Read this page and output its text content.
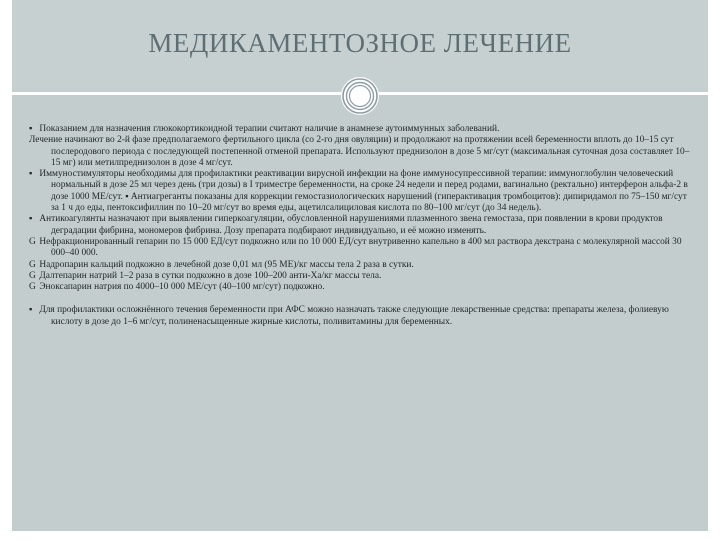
МЕДИКАМЕНТОЗНОЕ ЛЕЧЕНИЕ

▪ Показанием для назначения глюкокортикоидной терапии считают наличие в анамнезе аутоиммунных заболеваний.

Лечение начинают во 2-й фазе предполагаемого фертильного цикла (со 2-го дня овуляции) и продолжают на протяжении всей беременности вплоть до 10–15 сут послеродового периода с последующей постепенной отменой препарата. Используют преднизолон в дозе 5 мг/сут (максимальная суточная доза составляет 10–15 мг) или метилпреднизолон в дозе 4 мг/сут.

▪ Иммуностимуляторы необходимы для профилактики реактивации вирусной инфекции на фоне иммуносупрессивной терапии: иммуноглобулин человеческий нормальный в дозе 25 мл через день (три дозы) в I триместре беременности, на сроке 24 недели и перед родами, вагинально (ректально) интерферон альфа-2 в дозе 1000 МЕ/сут. ▪ Антиагреганты показаны для коррекции гемостазиологических нарушений (гиперактивация тромбоцитов): дипиридамол по 75–150 мг/сут за 1 ч до еды, пентоксифиллин по 10–20 мг/сут во время еды, ацетилсалициловая кислота по 80–100 мг/сут (до 34 недель).

▪ Антикоагулянты назначают при выявлении гиперкоагуляции, обусловленной нарушениями плазменного звена гемостаза, при появлении в крови продуктов деградации фибрина, мономеров фибрина. Дозу препарата подбирают индивидуально, и её можно изменять.

G Нефракционированный гепарин по 15 000 ЕД/сут подкожно или по 10 000 ЕД/сут внутривенно капельно в 400 мл раствора декстрана с молекулярной массой 30 000–40 000.

G Надропарин кальций подкожно в лечебной дозе 0,01 мл (95 МЕ)/кг массы тела 2 раза в сутки.

G Далтепарин натрий 1–2 раза в сутки подкожно в дозе 100–200 анти-Ха/кг массы тела.

G Эноксапарин натрия по 4000–10 000 МЕ/сут (40–100 мг/сут) подкожно.

▪ Для профилактики осложнённого течения беременности при АФС можно назначать также следующие лекарственные средства: препараты железа, фолиевую кислоту в дозе до 1–6 мг/сут, полиненасыщенные жирные кислоты, поливитамины для беременных.
